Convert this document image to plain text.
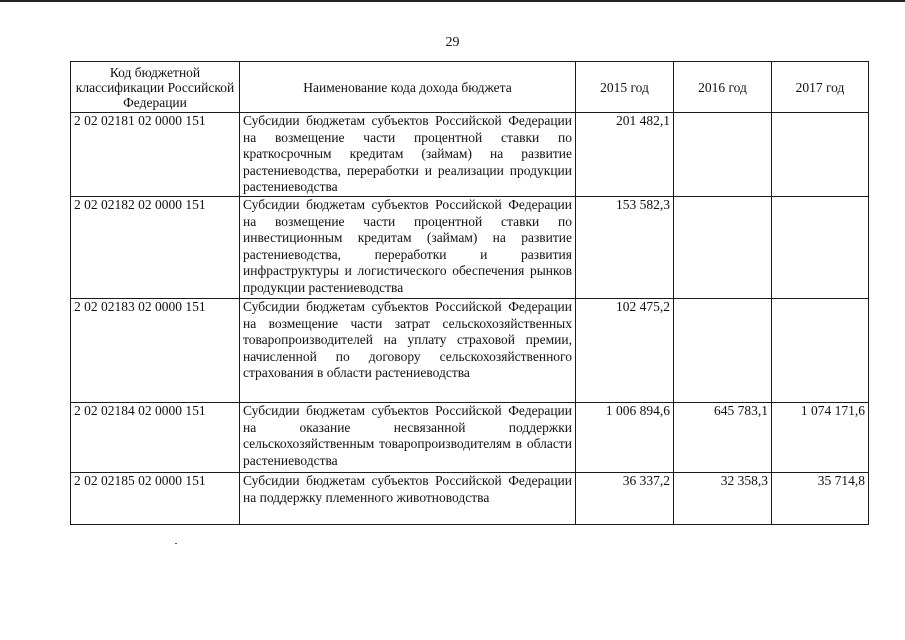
29
Код бюджетной классификации Российской Федерации	Наименование кода дохода бюджета	2015 год	2016 год	2017 год
2 02 02181 02 0000 151	Субсидии бюджетам субъектов Российской Федерации на возмещение части процентной ставки по краткосрочным кредитам (займам) на развитие растениеводства, переработки и реализации продукции растениеводства	201 482,1		
2 02 02182 02 0000 151	Субсидии бюджетам субъектов Российской Федерации на возмещение части процентной ставки по инвестиционным кредитам (займам) на развитие растениеводства, переработки и развития инфраструктуры и логистического обеспечения рынков продукции растениеводства	153 582,3		
2 02 02183 02 0000 151	Субсидии бюджетам субъектов Российской Федерации на возмещение части затрат сельскохозяйственных товаропроизводителей на уплату страховой премии, начисленной по договору сельскохозяйственного страхования в области растениеводства	102 475,2		
2 02 02184 02 0000 151	Субсидии бюджетам субъектов Российской Федерации на оказание несвязанной поддержки сельскохозяйственным товаропроизводителям в области растениеводства	1 006 894,6	645 783,1	1 074 171,6
2 02 02185 02 0000 151	Субсидии бюджетам субъектов Российской Федерации на поддержку племенного животноводства	36 337,2	32 358,3	35 714,8
